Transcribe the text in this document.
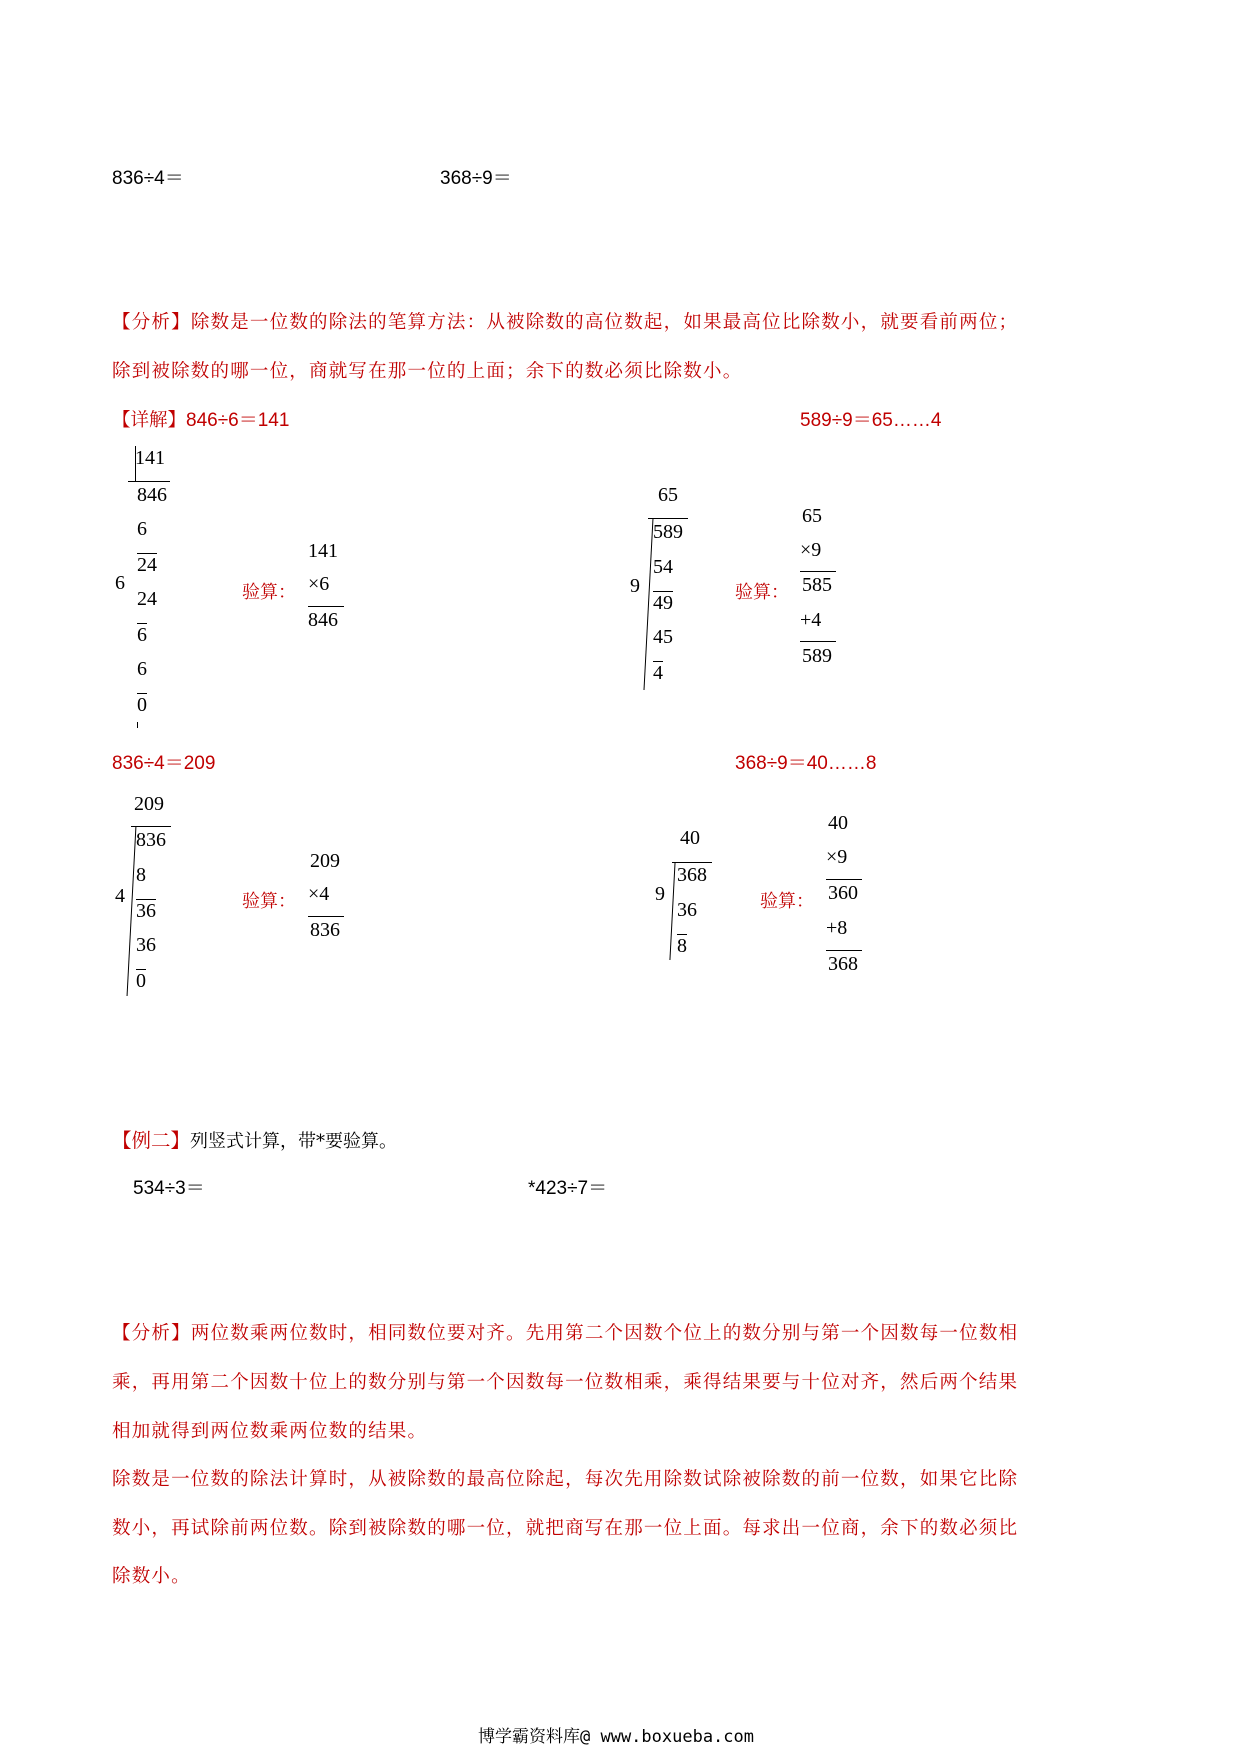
836÷4＝	368÷9＝
【分析】除数是一位数的除法的笔算方法：从被除数的高位数起，如果最高位比除数小，就要看前两位；
除到被除数的哪一位，商就写在那一位的上面；余下的数必须比除数小。
【详解】846÷6＝141	589÷9＝65……4
141
846
6
6
24
24
6
6
0
验算：
141
×6
846
65
9
589
54
49
45
4
验算：
65
×9
585
+4
589
836÷4＝209	368÷9＝40……8
209
4
836
8
36
36
0
验算：
209
×4
836
40
9
368
36
8
验算：
40
×9
360
+8
368
【例二】列竖式计算，带*要验算。
534÷3＝	*423÷7＝
【分析】两位数乘两位数时，相同数位要对齐。先用第二个因数个位上的数分别与第一个因数每一位数相
乘，再用第二个因数十位上的数分别与第一个因数每一位数相乘，乘得结果要与十位对齐，然后两个结果
相加就得到两位数乘两位数的结果。
除数是一位数的除法计算时，从被除数的最高位除起，每次先用除数试除被除数的前一位数，如果它比除
数小，再试除前两位数。除到被除数的哪一位，就把商写在那一位上面。每求出一位商，余下的数必须比
除数小。
博学霸资料库@ www.boxueba.com
